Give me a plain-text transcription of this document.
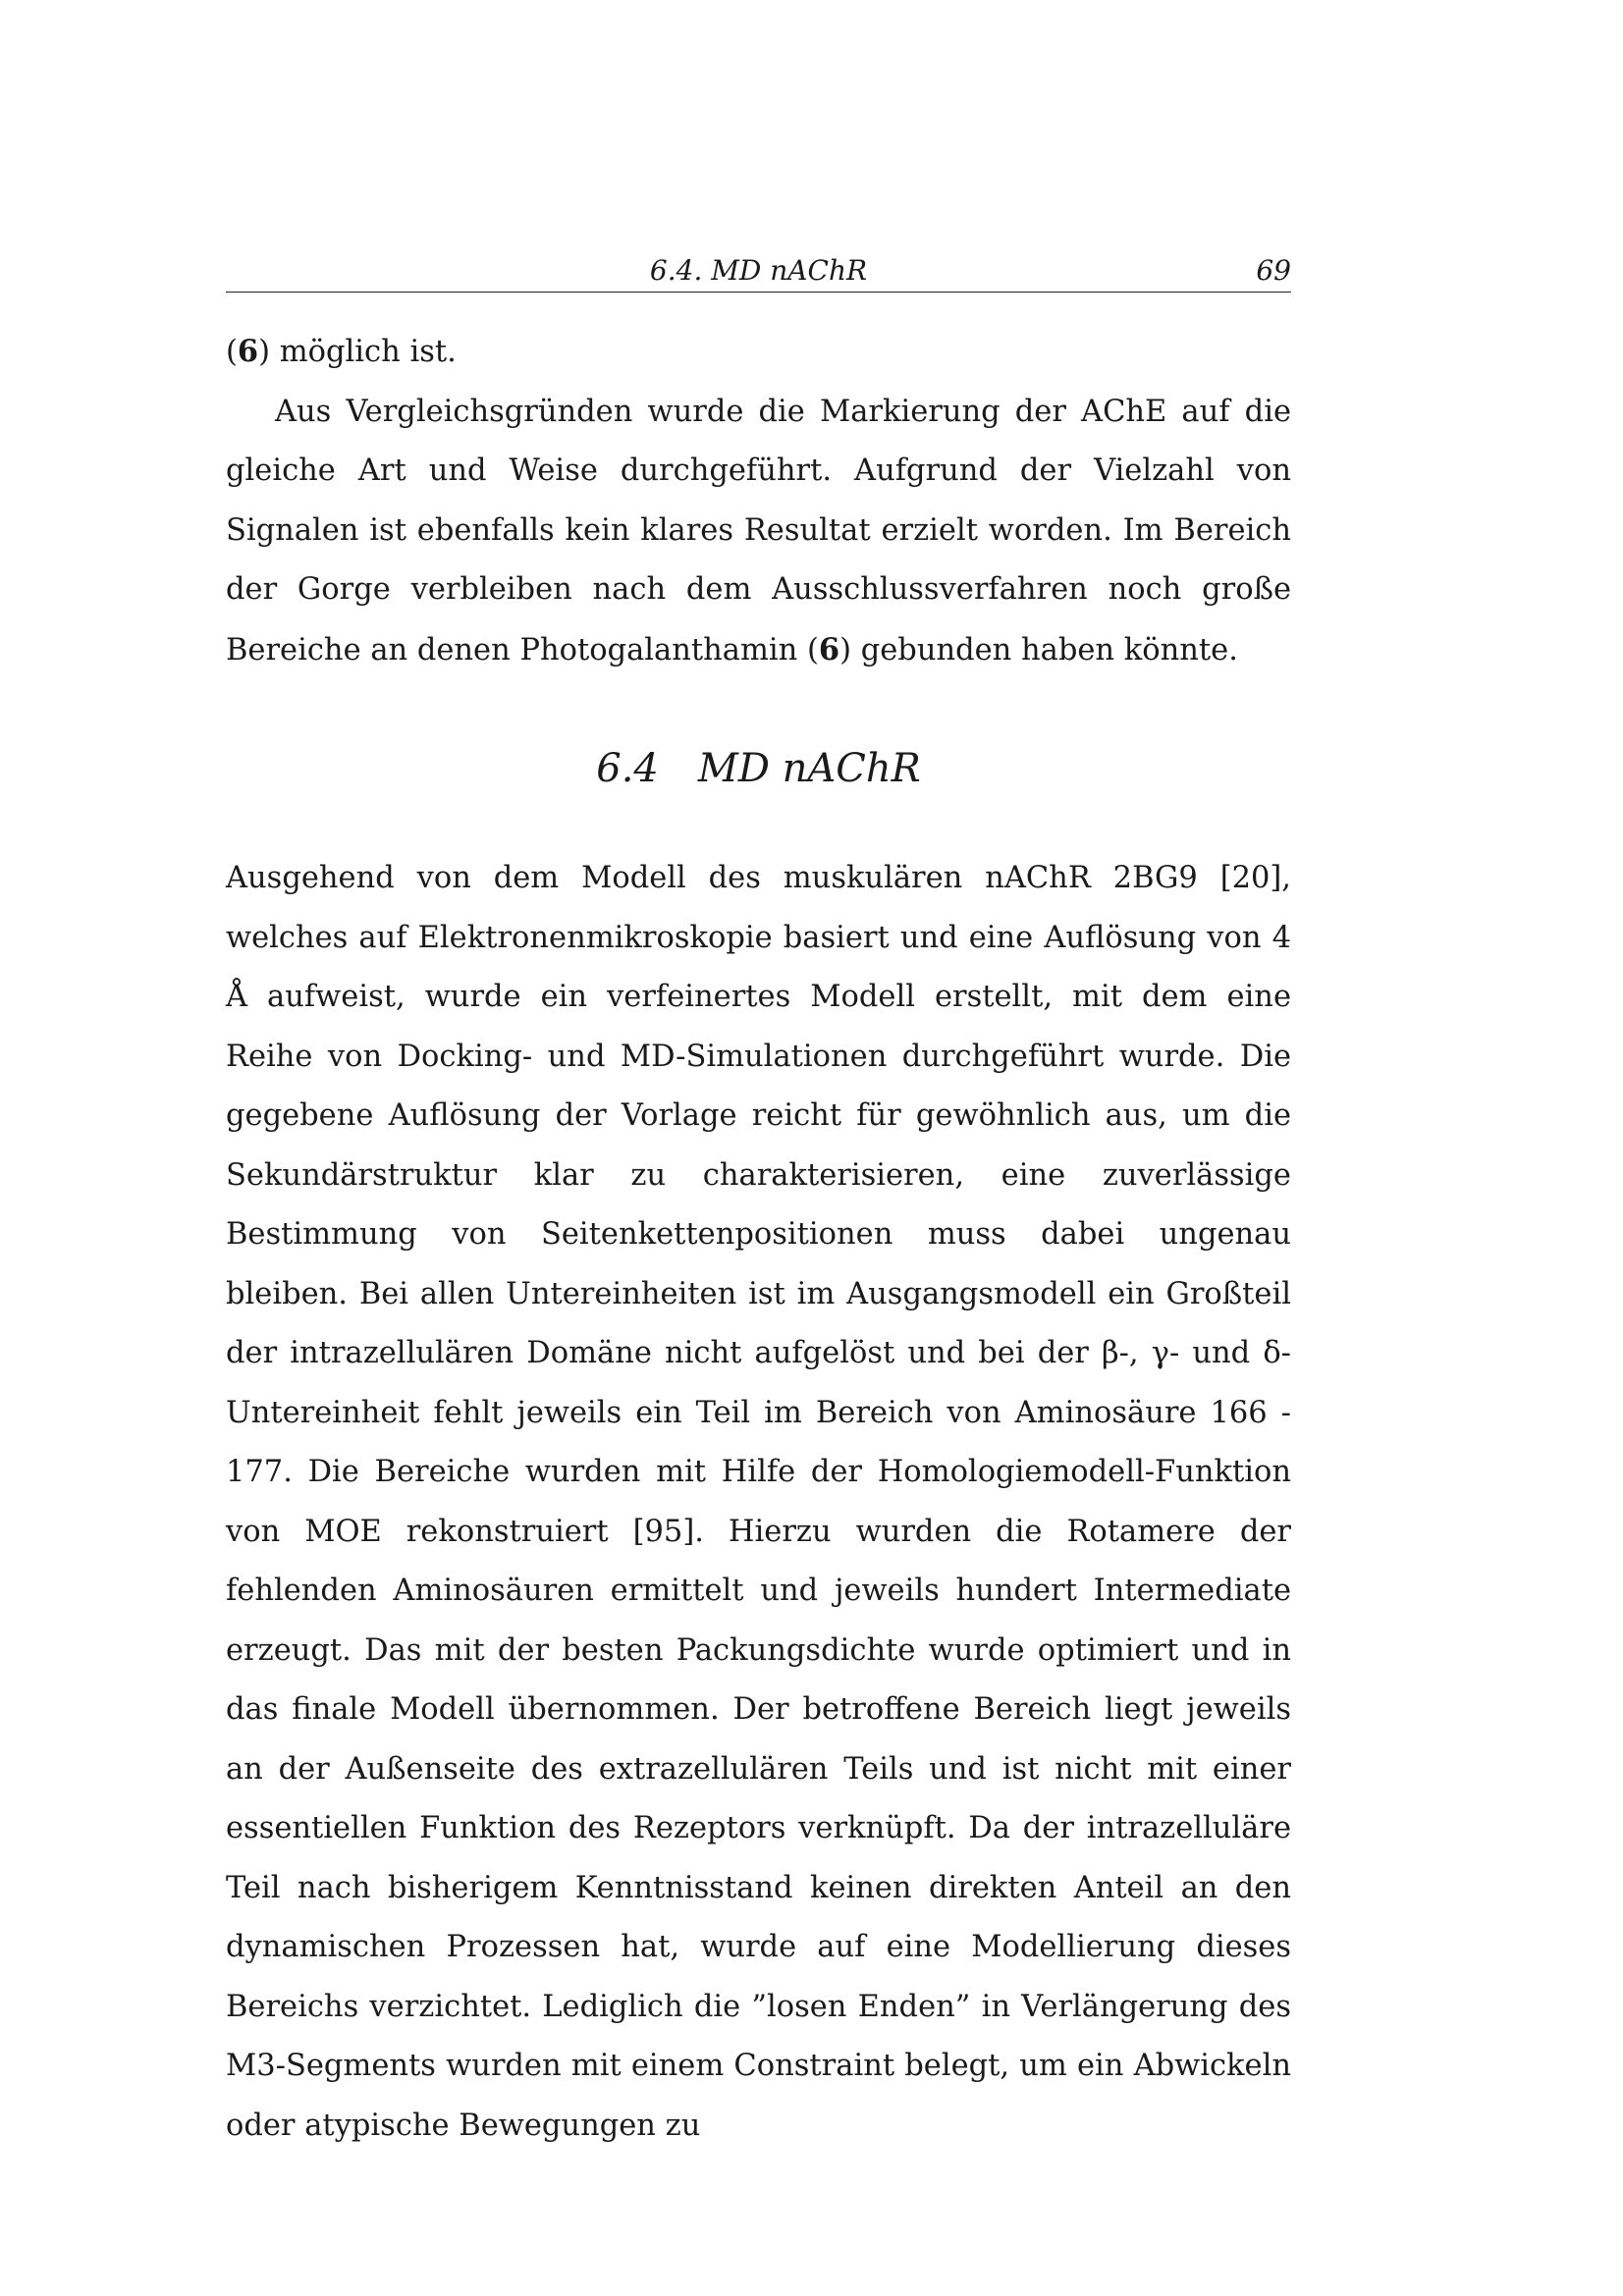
6.4. MD nAChR	69

(6) möglich ist.

Aus Vergleichsgründen wurde die Markierung der AChE auf die gleiche Art und Weise durchgeführt. Aufgrund der Vielzahl von Signalen ist ebenfalls kein klares Resultat erzielt worden. Im Bereich der Gorge verbleiben nach dem Ausschlussverfahren noch große Bereiche an denen Photogalanthamin (6) gebunden haben könnte.

6.4 MD nAChR

Ausgehend von dem Modell des muskulären nAChR 2BG9 [20], welches auf Elektronenmikroskopie basiert und eine Auflösung von 4 Å aufweist, wurde ein verfeinertes Modell erstellt, mit dem eine Reihe von Docking- und MD-Simulationen durchgeführt wurde. Die gegebene Auflösung der Vorlage reicht für gewöhnlich aus, um die Sekundärstruktur klar zu charakterisieren, eine zuverlässige Bestimmung von Seitenkettenpositionen muss dabei ungenau bleiben. Bei allen Untereinheiten ist im Ausgangsmodell ein Großteil der intrazellulären Domäne nicht aufgelöst und bei der β-, γ- und δ-Untereinheit fehlt jeweils ein Teil im Bereich von Aminosäure 166 - 177. Die Bereiche wurden mit Hilfe der Homologiemodell-Funktion von MOE rekonstruiert [95]. Hierzu wurden die Rotamere der fehlenden Aminosäuren ermittelt und jeweils hundert Intermediate erzeugt. Das mit der besten Packungsdichte wurde optimiert und in das finale Modell übernommen. Der betroffene Bereich liegt jeweils an der Außenseite des extrazellulären Teils und ist nicht mit einer essentiellen Funktion des Rezeptors verknüpft. Da der intrazelluläre Teil nach bisherigem Kenntnisstand keinen direkten Anteil an den dynamischen Prozessen hat, wurde auf eine Modellierung dieses Bereichs verzichtet. Lediglich die ”losen Enden” in Verlängerung des M3-Segments wurden mit einem Constraint belegt, um ein Abwickeln oder atypische Bewegungen zu
